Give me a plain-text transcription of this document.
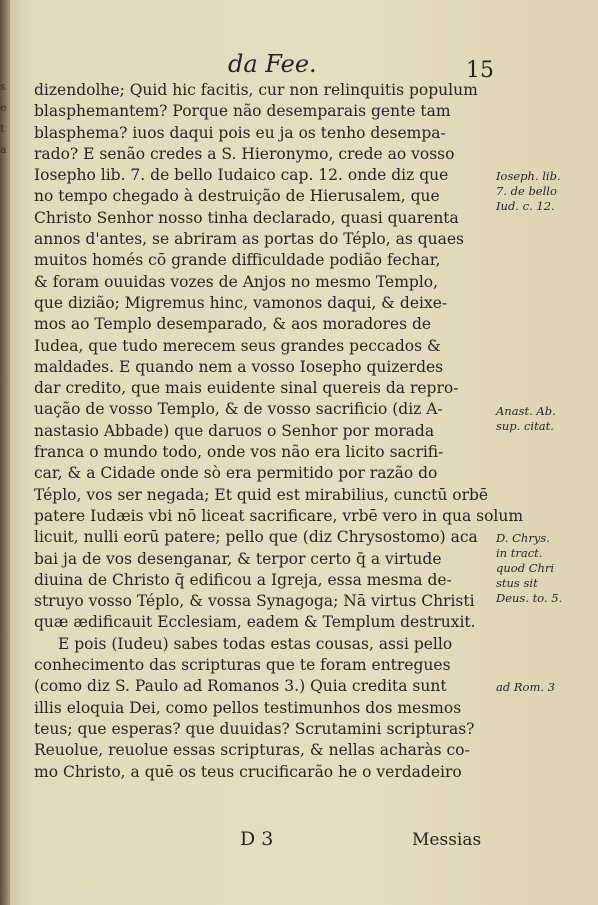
s
e
t
a
da Fee.	15
dizendolhe; Quid hic facitis, cur non relinquitis populum
blasphemantem? Porque não desemparais gente tam
blasphema? iuos daqui pois eu ja os tenho desempa-
rado? E senão credes a S. Hieronymo, crede ao vosso
Iosepho lib. 7. de bello Iudaico cap. 12. onde diz que
no tempo chegado à destruição de Hierusalem, que
Christo Senhor nosso tinha declarado, quasi quarenta
annos d'antes, se abriram as portas do Téplo, as quaes
muitos homés cō grande difficuldade podião fechar,
& foram ouuidas vozes de Anjos no mesmo Templo,
que dizião; Migremus hinc, vamonos daqui, & deixe-
mos ao Templo desemparado, & aos moradores de
Iudea, que tudo merecem seus grandes peccados &
maldades. E quando nem a vosso Iosepho quizerdes
dar credito, que mais euidente sinal quereis da repro-
uação de vosso Templo, & de vosso sacrificio (diz A-
nastasio Abbade) que daruos o Senhor por morada
franca o mundo todo, onde vos não era licito sacrifi-
car, & a Cidade onde sò era permitido por razão do
Téplo, vos ser negada; Et quid est mirabilius, cunctū orbē
patere Iudæis vbi nō liceat sacrificare, vrbē vero in qua solum
licuit, nulli eorū patere; pello que (diz Chrysostomo) aca
bai ja de vos desenganar, & terpor certo q̄ a virtude
diuina de Christo q̄ edificou a Igreja, essa mesma de-
struyo vosso Téplo, & vossa Synagoga; Nā virtus Christi
quæ ædificauit Ecclesiam, eadem & Templum destruxit.
E pois (Iudeu) sabes todas estas cousas, assi pello
conhecimento das scripturas que te foram entregues
(como diz S. Paulo ad Romanos 3.) Quia credita sunt
illis eloquia Dei, como pellos testimunhos dos mesmos
teus; que esperas? que duuidas? Scrutamini scripturas?
Reuolue, reuolue essas scripturas, & nellas acharàs co-
mo Christo, a quē os teus crucificarão he o verdadeiro
Ioseph. lib.
7. de bello
Iud. c. 12.
Anast. Ab.
sup. citat.
D. Chrys.
in tract.
quod Chri
stus sit
Deus. to. 5.
ad Rom. 3
D 3	Messias
